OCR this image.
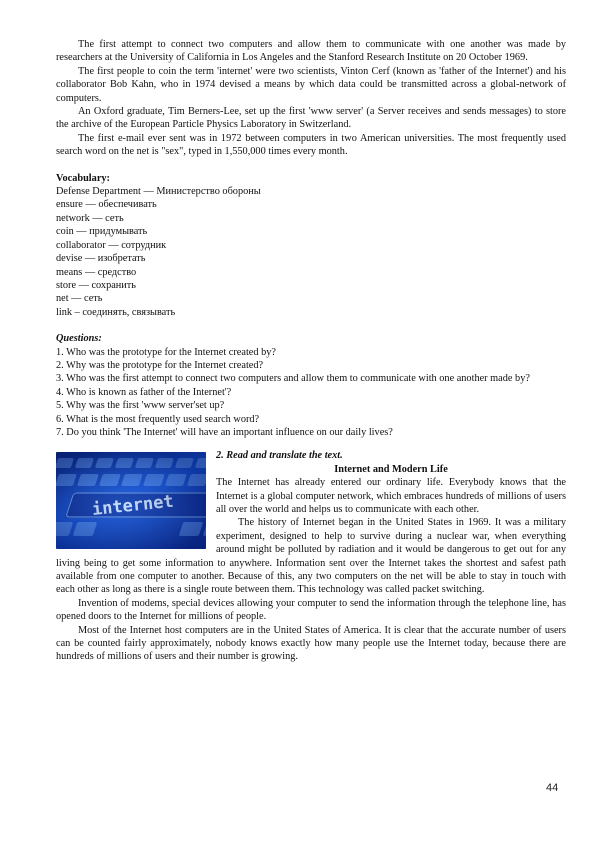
The first attempt to connect two computers and allow them to communicate with one another was made by researchers at the University of California in Los Angeles and the Stanford Research Institute on 20 October 1969.

The first people to coin the term 'internet' were two scientists, Vinton Cerf (known as 'father of the Internet') and his collaborator Bob Kahn, who in 1974 devised a means by which data could be transmitted across a global-network of computers.

An Oxford graduate, Tim Berners-Lee, set up the first 'www server' (a Server receives and sends messages) to store the archive of the European Particle Physics Laboratory in Switzerland.

The first e-mail ever sent was in 1972 between computers in two American universities. The most frequently used search word on the net is "sex", typed in 1,550,000 times every month.

Vocabulary:

Defense Department — Министерство обороны

ensure — обеспечивать

network — сеть

coin — придумывать

collaborator — сотрудник

devise — изобретать

means — средство

store — сохранить

net — сеть

link – соединять, связывать

Questions:

1. Who was the prototype for the Internet created by?

2. Why was the prototype for the Internet created?

3. Who was the first attempt to connect two computers and allow them to communicate with one another made by?

4. Who is known as father of the Internet'?

5. Why was the first 'www server'set up?

6. What is the most frequently used search word?

7. Do you think 'The Internet' will have an important influence on our daily lives?

2. Read and translate the text.

Internet and Modern Life

The Internet has already entered our ordinary life. Everybody knows that the Internet is a global computer network, which embraces hundreds of millions of users all over the world and helps us to communicate with each other.

The history of Internet began in the United States in 1969. It was a military experiment, designed to help to survive during a nuclear war, when everything around might be polluted by radiation and it would be dangerous to get out for any living being to get some information to anywhere. Information sent over the Internet takes the shortest and safest path available from one computer to another. Because of this, any two computers on the net will be able to stay in touch with each other as long as there is a single route between them. This technology was called packet switching.

Invention of modems, special devices allowing your computer to send the information through the telephone line, has opened doors to the Internet for millions of people.

Most of the Internet host computers are in the United States of America. It is clear that the accurate number of users can be counted fairly approximately, nobody knows exactly how many people use the Internet today, because there are hundreds of millions of users and their number is growing.

44
